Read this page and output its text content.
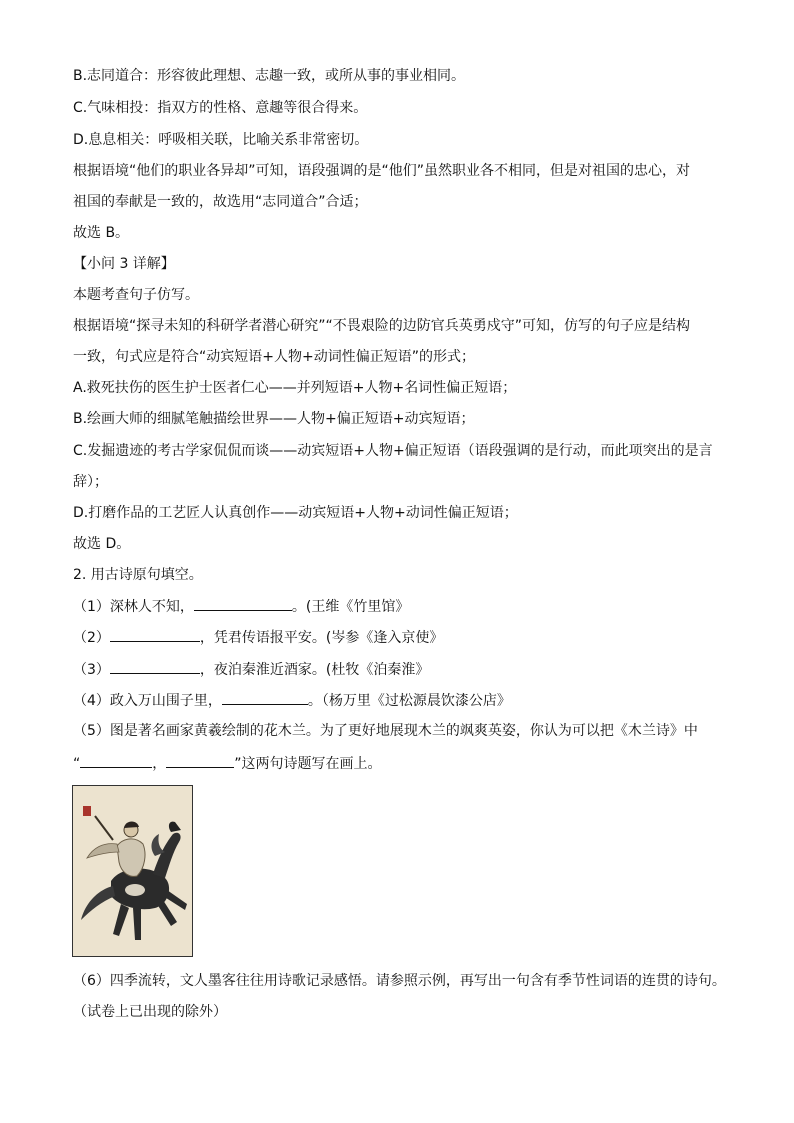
B.志同道合：形容彼此理想、志趣一致，或所从事的事业相同。
C.气味相投：指双方的性格、意趣等很合得来。
D.息息相关：呼吸相关联，比喻关系非常密切。
根据语境“他们的职业各异却”可知，语段强调的是“他们”虽然职业各不相同，但是对祖国的忠心，对
祖国的奉献是一致的，故选用“志同道合”合适；
故选 B。
【小问 3 详解】
本题考查句子仿写。
根据语境“探寻未知的科研学者潜心研究”“不畏艰险的边防官兵英勇戍守”可知，仿写的句子应是结构
一致，句式应是符合“动宾短语+人物+动词性偏正短语”的形式；
A.救死扶伤的医生护士医者仁心——并列短语+人物+名词性偏正短语；
B.绘画大师的细腻笔触描绘世界——人物+偏正短语+动宾短语；
C.发掘遗迹的考古学家侃侃而谈——动宾短语+人物+偏正短语（语段强调的是行动，而此项突出的是言
辞）；
D.打磨作品的工艺匠人认真创作——动宾短语+人物+动词性偏正短语；
故选 D。
2. 用古诗原句填空。
（1）深林人不知，	。(王维《竹里馆》
（2）	，凭君传语报平安。(岑参《逢入京使》
（3）	，夜泊秦淮近酒家。(杜牧《泊秦淮》
（4）政入万山围子里，	。（杨万里《过松源晨饮漆公店》
（5）图是著名画家黄羲绘制的花木兰。为了更好地展现木兰的飒爽英姿，你认为可以把《木兰诗》中
“	，	”这两句诗题写在画上。
（6）四季流转，文人墨客往往用诗歌记录感悟。请参照示例，再写出一句含有季节性词语的连贯的诗句。
（试卷上已出现的除外）
